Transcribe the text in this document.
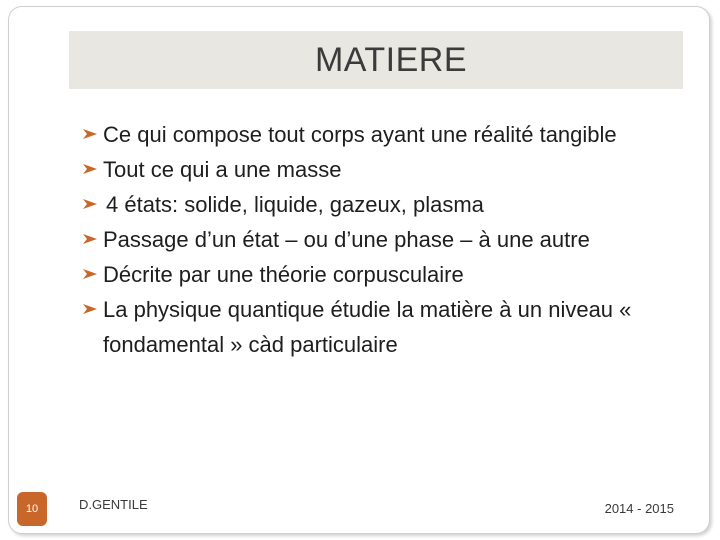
MATIERE
Ce qui compose tout corps ayant une réalité tangible
Tout ce qui a une masse
4 états: solide, liquide, gazeux, plasma
Passage d’un état – ou d’une phase – à une autre
Décrite par une théorie corpusculaire
La physique quantique étudie la matière à un niveau « fondamental » càd particulaire
10	D.GENTILE	2014 - 2015
